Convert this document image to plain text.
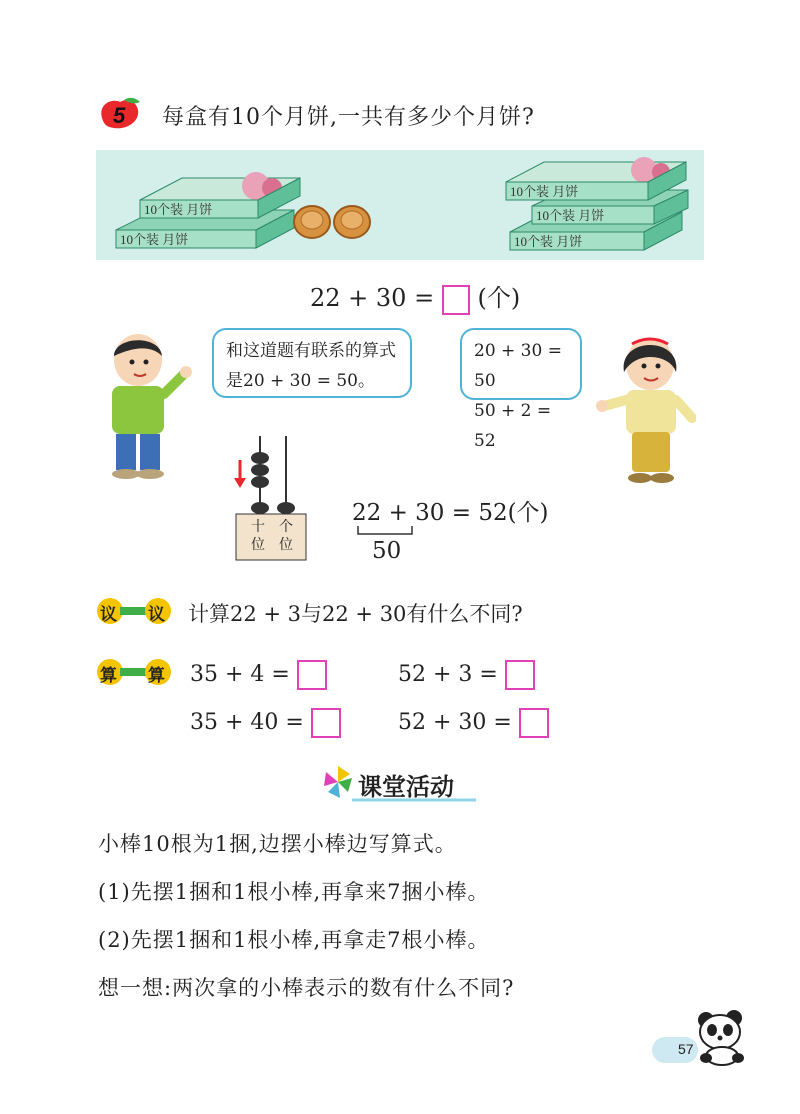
5 每盒有10个月饼,一共有多少个月饼?
10个装 月饼
10个装 月饼
10个装 月饼
10个装 月饼
10个装 月饼
22 + 30 = (个)
和这道题有联系的算式
是20 + 30 = 50。
20 + 30 = 50
50 + 2 = 52
十
位
个
位
22 + 30 = 52(个)
50
议 议 计算22 + 3与22 + 30有什么不同?
算 算 35 + 4 =	52 + 3 =
35 + 40 =	52 + 30 =
课堂活动
小棒10根为1捆,边摆小棒边写算式。
(1)先摆1捆和1根小棒,再拿来7捆小棒。
(2)先摆1捆和1根小棒,再拿走7根小棒。
想一想:两次拿的小棒表示的数有什么不同?
57
